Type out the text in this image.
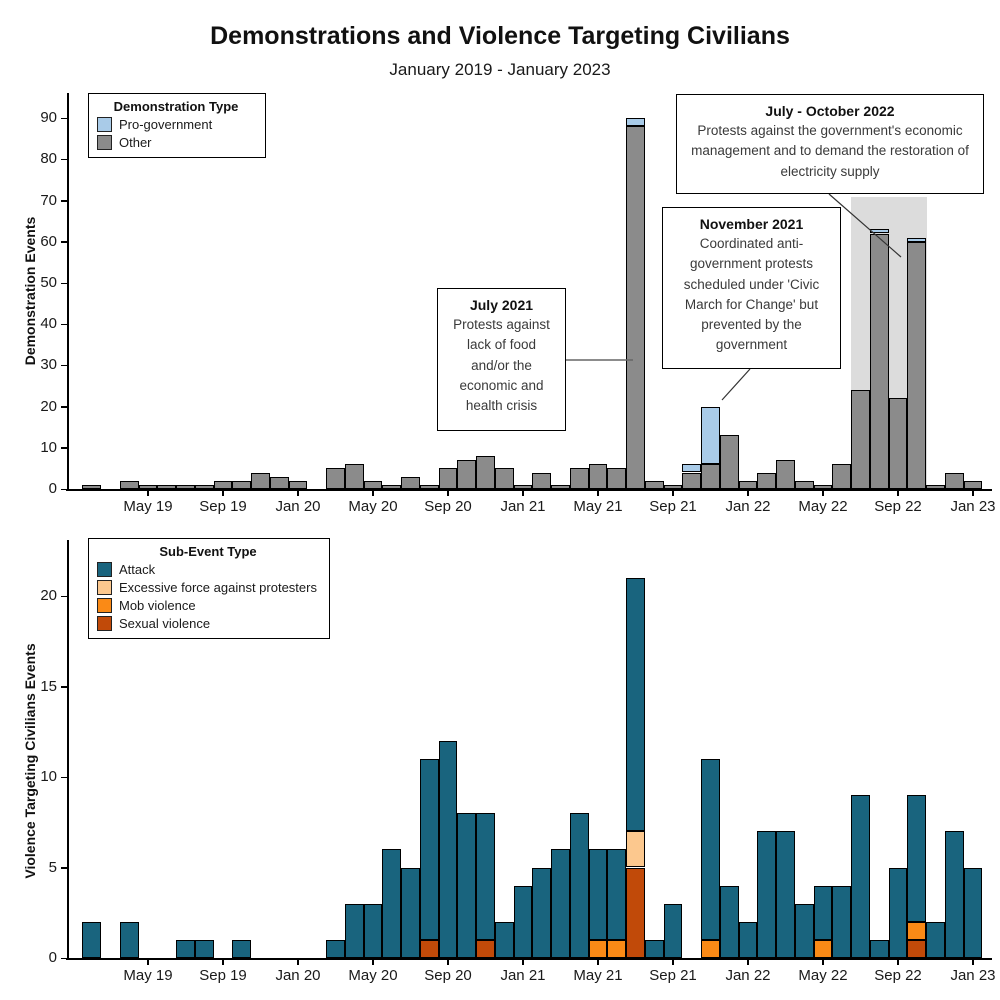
Demonstrations and Violence Targeting Civilians
January 2019 - January 2023
Demonstration Events
Violence Targeting Civilians Events
0
10
20
30
40
50
60
70
80
90
May 19	Sep 19	Jan 20	May 20	Sep 20	Jan 21	May 21	Sep 21	Jan 22	May 22	Sep 22	Jan 23
0
5
10
15
20
May 19	Sep 19	Jan 20	May 20	Sep 20	Jan 21	May 21	Sep 21	Jan 22	May 22	Sep 22	Jan 23
Demonstration Type
Pro-government
Other
Sub-Event Type
Attack
Excessive force against protesters
Mob violence
Sexual violence
July 2021
Protests against lack of food and/or the economic and health crisis
November 2021
Coordinated anti-government protests scheduled under 'Civic March for Change' but prevented by the government
July - October 2022
Protests against the government's economic management and to demand the restoration of electricity supply
